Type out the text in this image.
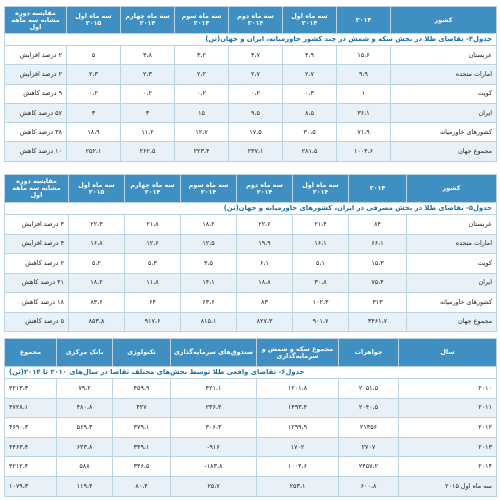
جدول۴- تقاضای طلا در بخش سکه و شمش در چند کشور خاورمیانه، ایران و جهان(تن)							
کشور	۲۰۱۴	سه ماه اول ۲۰۱۴	سه ماه دوم ۲۰۱۴	سه ماه سوم ۲۰۱۴	سه ماه چهارم ۲۰۱۴	سه ماه اول ۲۰۱۵	مقایسه دوره مشابه سه ماهه اول
عربستان	۱۵،۶	۴،۹	۳،۷	۳،۲	۳،۸	۵	۲ درصد افزایش
امارات متحده	۹،۹	۲،۷	۲،۷	۲،۲	۲،۳	۲،۳	۲ درصد افزایش
کویت	۱	۰،۳	۰،۲	۰،۲	۰،۲	۰،۲	۹ درصد کاهش
ایران	۳۶،۱	۸،۵	۹،۵	۱۵	۳	۳	۵۷ درصد کاهش
کشورهای خاورمیانه	۷۱،۹	۳۰،۵	۱۷،۵	۱۲،۷	۱۱،۲	۱۸،۹	۳۸ درصد کاهش
مجموع جهان	۱۰۰۴،۶	۲۸۱،۵	۲۳۷،۱	۲۲۳،۴	۲۶۲،۵	۲۵۲،۱	۱۰ درصد کاهش
جدول۵- تقاضای طلا در بخش مصرفی در ایران، کشورهای خاورمیانه و جهان(تن)							
کشور	۲۰۱۴	سه ماه اول ۲۰۱۴	سه ماه دوم ۲۰۱۴	سه ماه سوم ۲۰۱۴	سه ماه چهارم ۲۰۱۴	سه ماه اول ۲۰۱۵	مقایسه دوره مشابه سه ماهه اول
عربستان	۸۴	۲۱،۴	۲۲،۶	۱۸،۲	۲۱،۸	۲۲،۳	۴ درصد افزایش
امارات متحده	۶۶،۱	۱۶،۱	۱۹،۹	۱۲،۵	۱۲،۶	۱۶،۸	۴ درصد افزایش
کویت	۱۵،۳	۵،۱	۶،۱	۳،۵	۵،۳	۵،۲	۲ درصد کاهش
ایران	۷۵،۴	۳۰،۸	۱۸،۸	۱۴،۱	۱۱،۸	۱۸،۲	۴۱ درصد کاهش
کشورهای خاورمیانه	۳۱۳	۱۰۲،۳	۸۳	۶۳،۶	۶۴	۸۳،۶	۱۸ درصد کاهش
مجموع جهان	۳۴۶۱،۷	۹۰۱،۷	۸۲۷،۳	۸۱۵،۱	۹۱۷،۶	۸۵۳،۸	۵ درصد کاهش
جدول۶- تقاضای واقعی طلا توسط بخش‌های مختلف تقاضا در سال‌های ۲۰۱۰ تا ۲۰۱۴(تن)						
سال	جواهرات	مجموع سکه و شمش و سرمایه‌گذاری	صندوق‌های سرمایه‌گذاری	تکنولوژی	بانک مرکزی	مجموع
۲۰۱۰	۲۰۵۱،۵	۱۲۰۱،۸	۴۲۱،۱	۴۵۹،۹	۷۹،۲	۴۲۱۳،۳
۲۰۱۱	۲۰۴۰،۵	۱۴۹۳،۴	۲۳۶،۴	۴۲۷	۴۸۰،۸	۴۷۲۸،۱
۲۰۱۲	۲۱۳۵۶	۱۲۹۹،۹	۳۰۶،۳	۳۷۹،۱	۵۶۹،۳	۴۶۹۰،۳
۲۰۱۳	۲۷۰۷	۱۷۰۲	۹۱۶-	۳۴۹،۱	۶۲۳،۸	۴۴۶۳،۴
۲۰۱۴	۲۴۵۷،۲	۱۰۰۴،۶	۱۸۳،۸-	۳۴۶،۵	۵۸۸	۴۲۱۲،۴
سه ماه اول ۲۰۱۵	۶۰۰،۸	۲۵۳،۱	۲۵،۷	۸۰،۴	۱۱۹،۴	۱۰۷۹،۳
